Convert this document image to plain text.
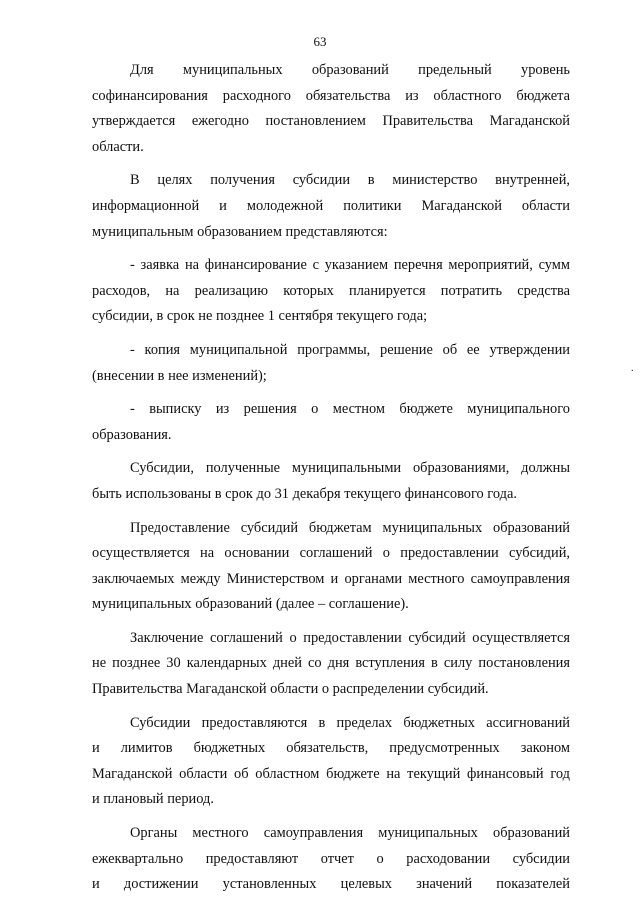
63
Для муниципальных образований предельный уровень
софинансирования расходного обязательства из областного бюджета
утверждается ежегодно постановлением Правительства Магаданской
области.
В целях получения субсидии в министерство внутренней,
информационной и молодежной политики Магаданской области
муниципальным образованием представляются:
- заявка на финансирование с указанием перечня мероприятий, сумм
расходов, на реализацию которых планируется потратить средства
субсидии, в срок не позднее 1 сентября текущего года;
- копия муниципальной программы, решение об ее утверждении
(внесении в нее изменений);
- выписку из решения о местном бюджете муниципального
образования.
Субсидии, полученные муниципальными образованиями, должны
быть использованы в срок до 31 декабря текущего финансового года.
Предоставление субсидий бюджетам муниципальных образований
осуществляется на основании соглашений о предоставлении субсидий,
заключаемых между Министерством и органами местного самоуправления
муниципальных образований (далее – соглашение).
Заключение соглашений о предоставлении субсидий осуществляется
не позднее 30 календарных дней со дня вступления в силу постановления
Правительства Магаданской области о распределении субсидий.
Субсидии предоставляются в пределах бюджетных ассигнований
и лимитов бюджетных обязательств, предусмотренных законом
Магаданской области об областном бюджете на текущий финансовый год
и плановый период.
Органы местного самоуправления муниципальных образований
ежеквартально предоставляют отчет о расходовании субсидии
и достижении установленных целевых значений показателей
.
